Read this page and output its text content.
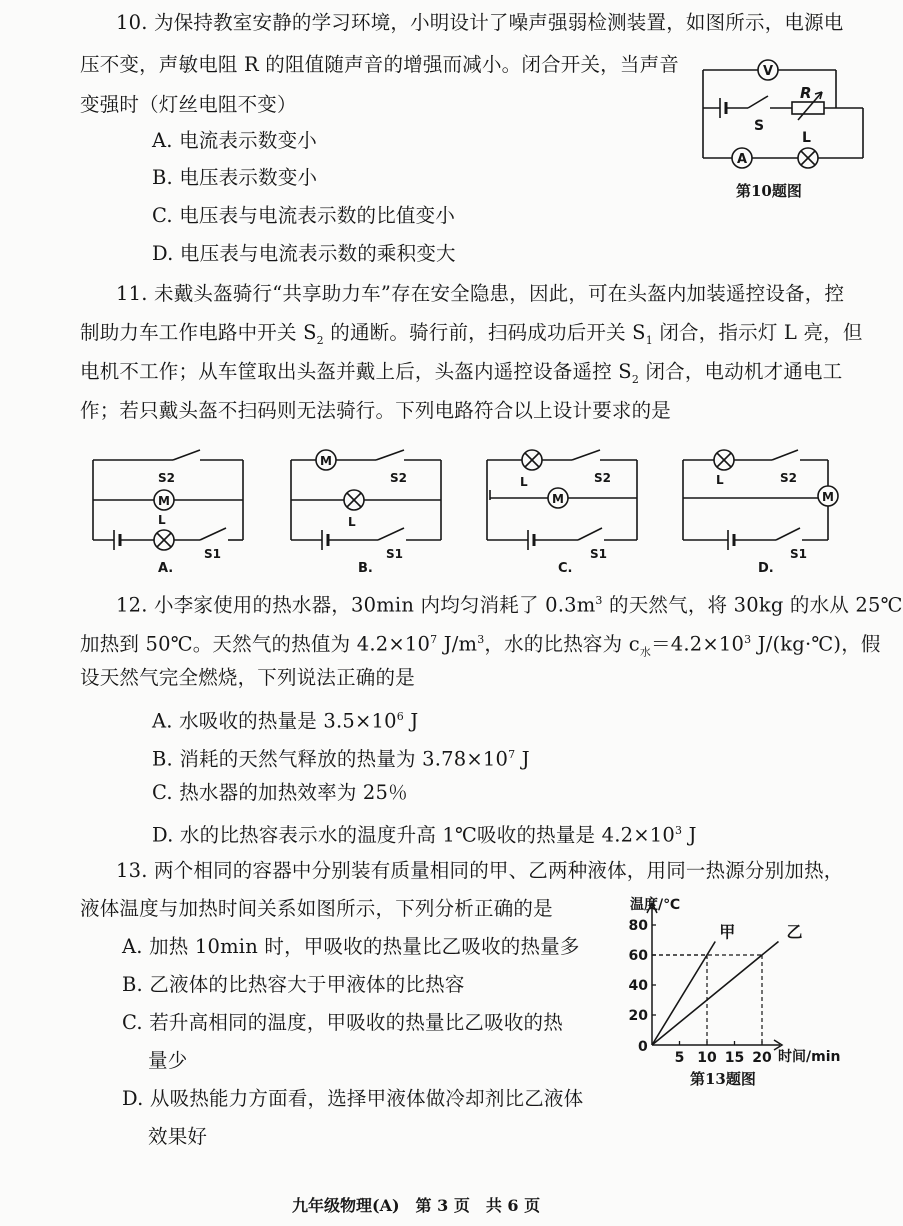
10. 为保持教室安静的学习环境，小明设计了噪声强弱检测装置，如图所示，电源电
压不变，声敏电阻 R 的阻值随声音的增强而减小。闭合开关，当声音
变强时（灯丝电阻不变）
A. 电流表示数变小
B. 电压表示数变小
C. 电压表与电流表示数的比值变小
D. 电压表与电流表示数的乘积变大
V
A
R
S
L
第10题图
11. 未戴头盔骑行“共享助力车”存在安全隐患，因此，可在头盔内加装遥控设备，控
制助力车工作电路中开关 $S_2$ 的通断。骑行前，扫码成功后开关 $S_1$ 闭合，指示灯 L 亮，但
电机不工作；从车筐取出头盔并戴上后，头盔内遥控设备遥控 $S_2$ 闭合，电动机才通电工
作；若只戴头盔不扫码则无法骑行。下列电路符合以上设计要求的是
M
S2
L
S1
A.
M
S2
L
S1
B.
M
L	S2
S1
C.
M
L	S2
S1
D.
12. 小李家使用的热水器，30min 内均匀消耗了 $0.3m^3$ 的天然气，将 30kg 的水从 25℃
加热到 50℃。天然气的热值为 $4.2\times 10^7$ $J/m^3$，水的比热容为 $c_水=4.2\times 10^3$ J/(kg·℃)，假
设天然气完全燃烧，下列说法正确的是
A. 水吸收的热量是 $3.5\times 10^6$ J
B. 消耗的天然气释放的热量为 $3.78\times 10^7$ J
C. 热水器的加热效率为 25％
D. 水的比热容表示水的温度升高 1℃吸收的热量是 $4.2\times 10^3$ J
13. 两个相同的容器中分别装有质量相同的甲、乙两种液体，用同一热源分别加热，
液体温度与加热时间关系如图所示，下列分析正确的是
A. 加热 10min 时，甲吸收的热量比乙吸收的热量多
B. 乙液体的比热容大于甲液体的比热容
C. 若升高相同的温度，甲吸收的热量比乙吸收的热
量少
D. 从吸热能力方面看，选择甲液体做冷却剂比乙液体
效果好
20
40
60
80
5 10 15 20
甲	乙
温度/℃
时间/min
0
第13题图
九年级物理(A)　第 3 页　共 6 页
